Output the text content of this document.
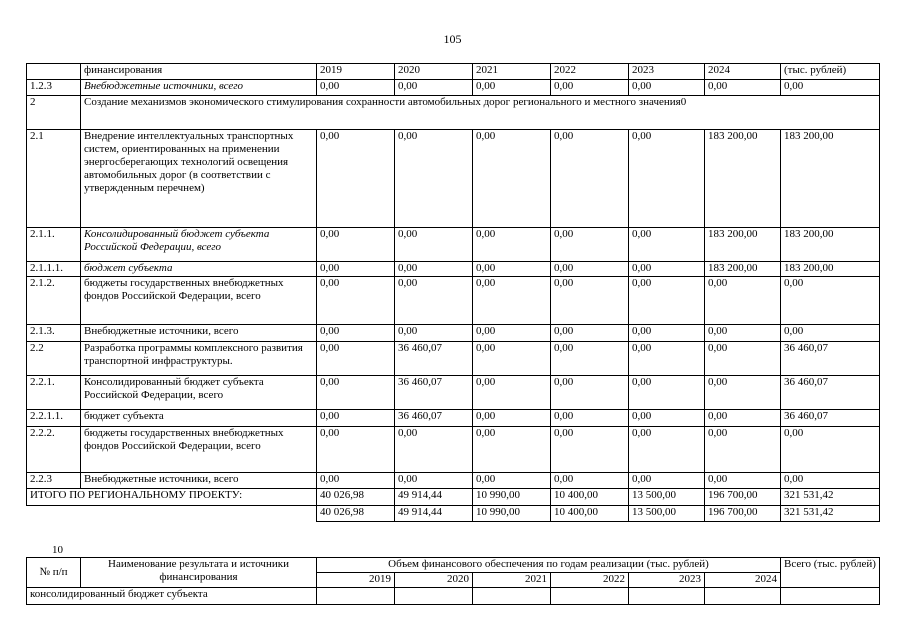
105
	финансирования	2019	2020	2021	2022	2023	2024	(тыс. рублей)
1.2.3	Внебюджетные источники, всего	0,00	0,00	0,00	0,00	0,00	0,00	0,00
2	Создание механизмов экономического стимулирования сохранности автомобильных дорог регионального и местного значения0							
2.1	Внедрение интеллектуальных транспортных систем, ориентированных на применении энергосберегающих технологий освещения автомобильных дорог (в соответствии с утвержденным перечнем)	0,00	0,00	0,00	0,00	0,00	183 200,00	183 200,00
2.1.1.	Консолидированный бюджет субъекта Российской Федерации, всего	0,00	0,00	0,00	0,00	0,00	183 200,00	183 200,00
2.1.1.1.	бюджет субъекта	0,00	0,00	0,00	0,00	0,00	183 200,00	183 200,00
2.1.2.	бюджеты государственных внебюджетных фондов Российской Федерации, всего	0,00	0,00	0,00	0,00	0,00	0,00	0,00
2.1.3.	Внебюджетные источники, всего	0,00	0,00	0,00	0,00	0,00	0,00	0,00
2.2	Разработка программы комплексного развития транспортной инфраструктуры.	0,00	36 460,07	0,00	0,00	0,00	0,00	36 460,07
2.2.1.	Консолидированный бюджет субъекта Российской Федерации, всего	0,00	36 460,07	0,00	0,00	0,00	0,00	36 460,07
2.2.1.1.	бюджет субъекта	0,00	36 460,07	0,00	0,00	0,00	0,00	36 460,07
2.2.2.	бюджеты государственных внебюджетных фондов Российской Федерации, всего	0,00	0,00	0,00	0,00	0,00	0,00	0,00
2.2.3	Внебюджетные источники, всего	0,00	0,00	0,00	0,00	0,00	0,00	0,00
ИТОГО ПО РЕГИОНАЛЬНОМУ ПРОЕКТУ:		40 026,98	49 914,44	10 990,00	10 400,00	13 500,00	196 700,00	321 531,42
		40 026,98	49 914,44	10 990,00	10 400,00	13 500,00	196 700,00	321 531,42
10
№ п/п	Наименование результата и источники финансирования	Объем финансового обеспечения по годам реализации (тыс. рублей)						Всего (тыс. рублей)
		2019	2020	2021	2022	2023	2024	
консолидированный бюджет субъекта								
